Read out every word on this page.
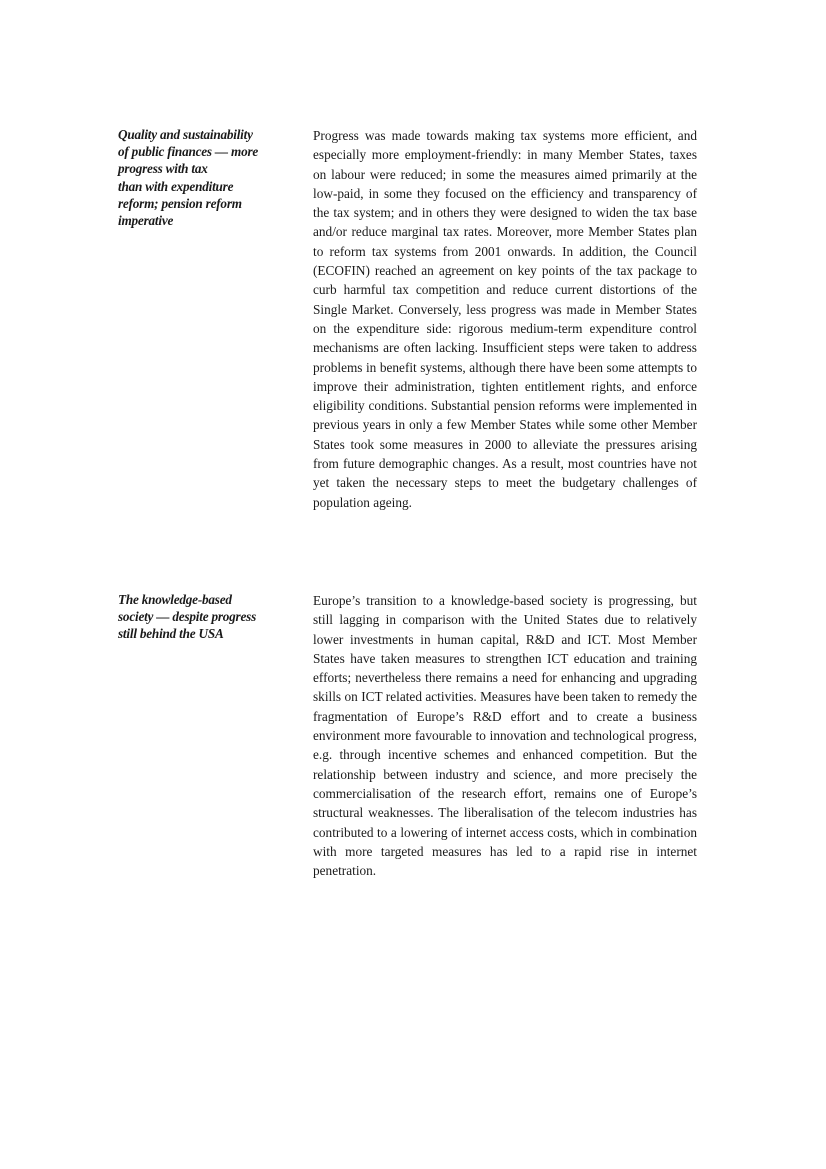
Quality and sustainability
of public finances — more
progress with tax
than with expenditure
reform; pension reform
imperative
Progress was made towards making tax systems more efficient, and especially more employment-friendly: in many Member States, taxes on labour were reduced; in some the measures aimed primarily at the low-paid, in some they focused on the efficiency and transparency of the tax system; and in others they were designed to widen the tax base and/or reduce marginal tax rates. Moreover, more Member States plan to reform tax systems from 2001 onwards. In addition, the Council (ECOFIN) reached an agreement on key points of the tax package to curb harmful tax competition and reduce current distortions of the Single Market. Conversely, less progress was made in Member States on the expenditure side: rigorous medium-term expenditure control mechanisms are often lacking. Insufficient steps were taken to address problems in benefit systems, although there have been some attempts to improve their administration, tighten entitlement rights, and enforce eligibility conditions. Substantial pension reforms were implemented in previous years in only a few Member States while some other Member States took some measures in 2000 to alleviate the pressures arising from future demographic changes. As a result, most countries have not yet taken the necessary steps to meet the budgetary challenges of population ageing.
The knowledge-based
society — despite progress
still behind the USA
Europe’s transition to a knowledge-based society is progressing, but still lagging in comparison with the United States due to relatively lower investments in human capital, R&D and ICT. Most Member States have taken measures to strengthen ICT education and training efforts; nevertheless there remains a need for enhancing and upgrading skills on ICT related activities. Measures have been taken to remedy the fragmentation of Europe’s R&D effort and to create a business environment more favourable to innovation and technological progress, e.g. through incentive schemes and enhanced competition. But the relationship between industry and science, and more precisely the commercialisation of the research effort, remains one of Europe’s structural weaknesses. The liberalisation of the telecom industries has contributed to a lowering of internet access costs, which in combination with more targeted measures has led to a rapid rise in internet penetration.
